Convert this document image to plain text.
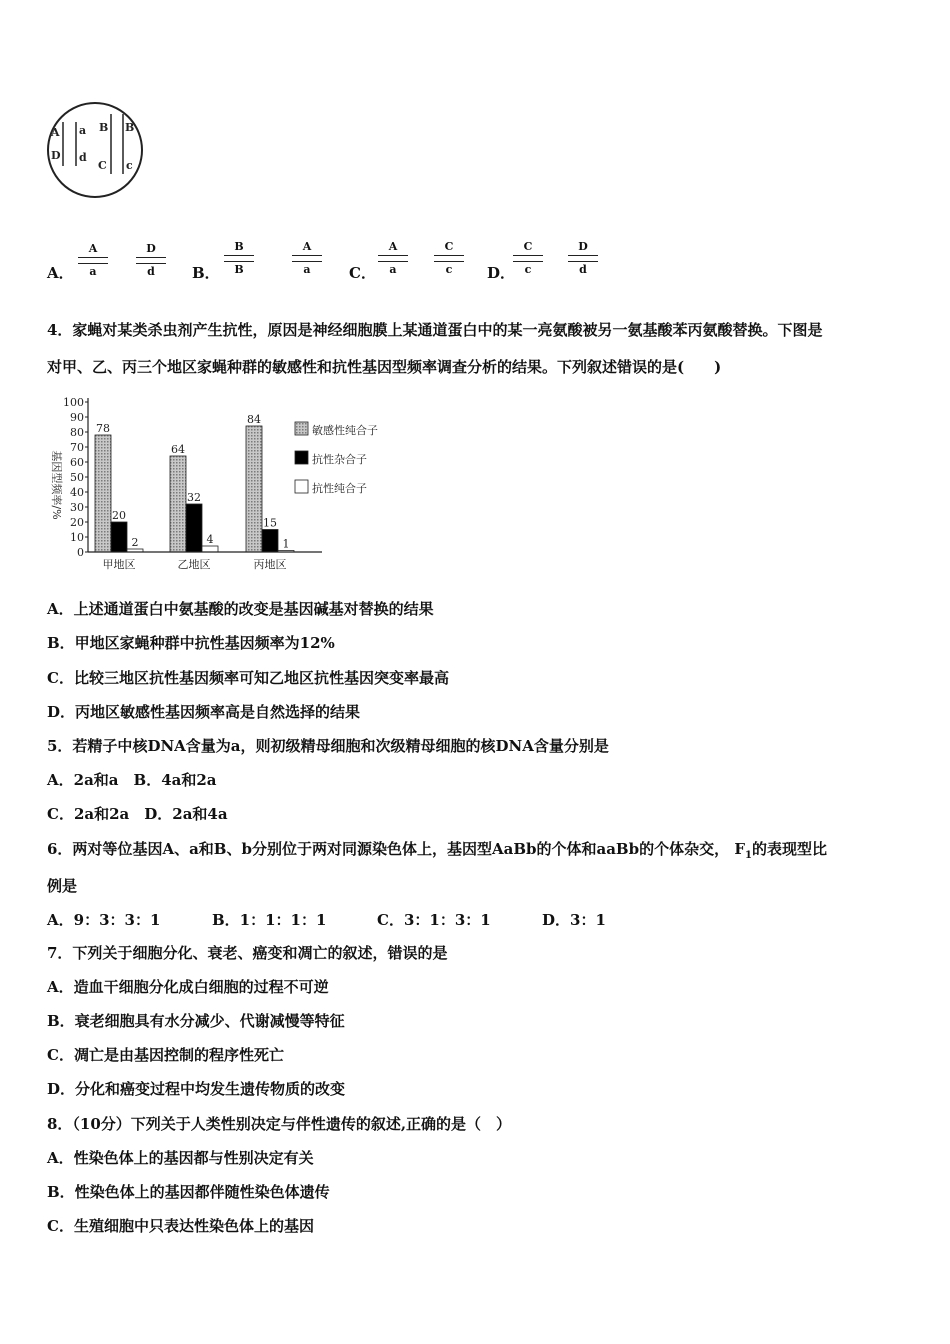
A a
D d
B B
C c
A．
A
a
D
d	B．
B
B
A
a	C．
A
a
C
c	D．
C
c
D
d
4．家蝇对某类杀虫剂产生抗性，原因是神经细胞膜上某通道蛋白中的某一亮氨酸被另一氨基酸苯丙氨酸替换。下图是
对甲、乙、丙三个地区家蝇种群的敏感性和抗性基因型频率调查分析的结果。下列叙述错误的是(　　)
基因型频率/%
0
10
20
30
40
50
60
70
80
90
100
78
20
2
64
32
4
84
15
1
甲地区	乙地区	丙地区
敏感性纯合子
抗性杂合子
抗性纯合子
A．上述通道蛋白中氨基酸的改变是基因碱基对替换的结果
B．甲地区家蝇种群中抗性基因频率为12%
C．比较三地区抗性基因频率可知乙地区抗性基因突变率最高
D．丙地区敏感性基因频率高是自然选择的结果
5．若精子中核DNA含量为a，则初级精母细胞和次级精母细胞的核DNA含量分别是
A．2a和a　B．4a和2a
C．2a和2a　D．2a和4a
6．两对等位基因A、a和B、b分别位于两对同源染色体上，基因型AaBb的个体和aaBb的个体杂交， $F_1$的表现型比
例是
A．9：3：3：1	B．1：1：1：1	C．3：1：3：1	D．3：1
7．下列关于细胞分化、衰老、癌变和凋亡的叙述，错误的是
A．造血干细胞分化成白细胞的过程不可逆
B．衰老细胞具有水分减少、代谢减慢等特征
C．凋亡是由基因控制的程序性死亡
D．分化和癌变过程中均发生遗传物质的改变
8．（10分）下列关于人类性别决定与伴性遗传的叙述,正确的是（　）
A．性染色体上的基因都与性别决定有关
B．性染色体上的基因都伴随性染色体遗传
C．生殖细胞中只表达性染色体上的基因
